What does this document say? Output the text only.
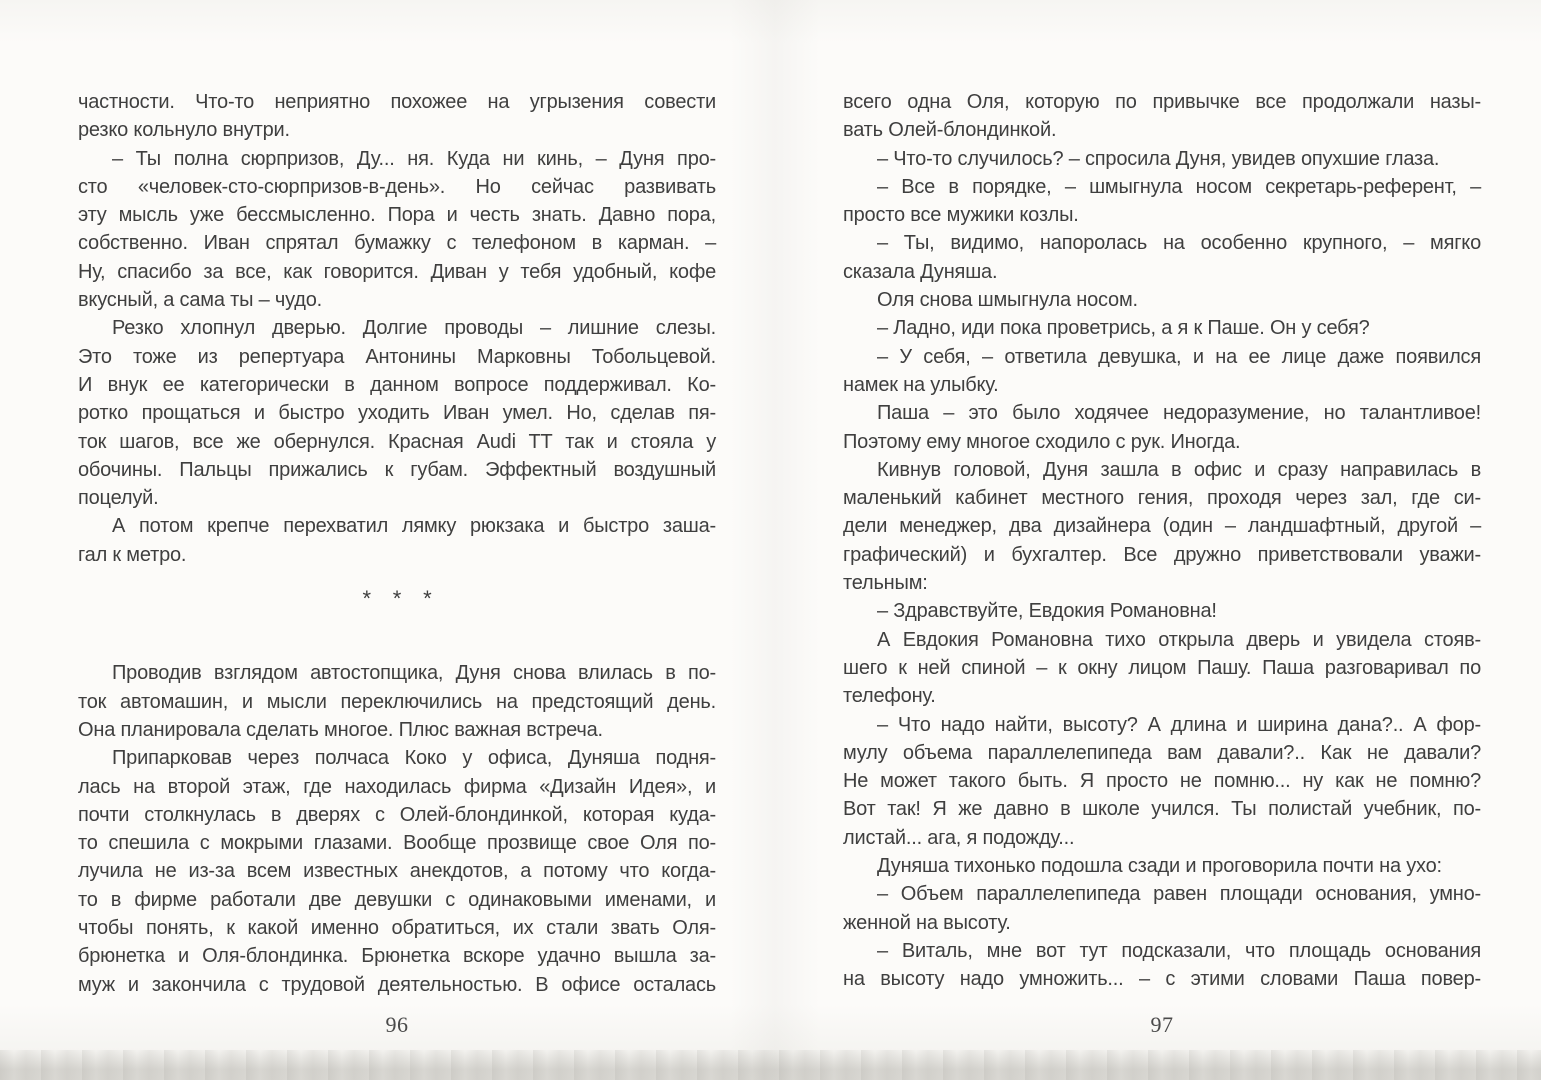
частности. Что-то неприятно похожее на угрызения совести
резко кольнуло внутри.
– Ты полна сюрпризов, Ду... ня. Куда ни кинь, – Дуня про-
сто «человек-сто-сюрпризов-в-день». Но сейчас развивать
эту мысль уже бессмысленно. Пора и честь знать. Давно пора,
собственно. Иван спрятал бумажку с телефоном в карман. –
Ну, спасибо за все, как говорится. Диван у тебя удобный, кофе
вкусный, а сама ты – чудо.
Резко хлопнул дверью. Долгие проводы – лишние слезы.
Это тоже из репертуара Антонины Марковны Тобольцевой.
И внук ее категорически в данном вопросе поддерживал. Ко-
ротко прощаться и быстро уходить Иван умел. Но, сделав пя-
ток шагов, все же обернулся. Красная Audi TT так и стояла у
обочины. Пальцы прижались к губам. Эффектный воздушный
поцелуй.
А потом крепче перехватил лямку рюкзака и быстро заша-
гал к метро.
* * *
Проводив взглядом автостопщика, Дуня снова влилась в по-
ток автомашин, и мысли переключились на предстоящий день.
Она планировала сделать многое. Плюс важная встреча.
Припарковав через полчаса Коко у офиса, Дуняша подня-
лась на второй этаж, где находилась фирма «Дизайн Идея», и
почти столкнулась в дверях с Олей-блондинкой, которая куда-
то спешила с мокрыми глазами. Вообще прозвище свое Оля по-
лучила не из-за всем известных анекдотов, а потому что когда-
то в фирме работали две девушки с одинаковыми именами, и
чтобы понять, к какой именно обратиться, их стали звать Оля-
брюнетка и Оля-блондинка. Брюнетка вскоре удачно вышла за-
муж и закончила с трудовой деятельностью. В офисе осталась
всего одна Оля, которую по привычке все продолжали назы-
вать Олей-блондинкой.
– Что-то случилось? – спросила Дуня, увидев опухшие глаза.
– Все в порядке, – шмыгнула носом секретарь-референт, –
просто все мужики козлы.
– Ты, видимо, напоролась на особенно крупного, – мягко
сказала Дуняша.
Оля снова шмыгнула носом.
– Ладно, иди пока проветрись, а я к Паше. Он у себя?
– У себя, – ответила девушка, и на ее лице даже появился
намек на улыбку.
Паша – это было ходячее недоразумение, но талантливое!
Поэтому ему многое сходило с рук. Иногда.
Кивнув головой, Дуня зашла в офис и сразу направилась в
маленький кабинет местного гения, проходя через зал, где си-
дели менеджер, два дизайнера (один – ландшафтный, другой –
графический) и бухгалтер. Все дружно приветствовали уважи-
тельным:
– Здравствуйте, Евдокия Романовна!
А Евдокия Романовна тихо открыла дверь и увидела стояв-
шего к ней спиной – к окну лицом Пашу. Паша разговаривал по
телефону.
– Что надо найти, высоту? А длина и ширина дана?.. А фор-
мулу объема параллелепипеда вам давали?.. Как не давали?
Не может такого быть. Я просто не помню... ну как не помню?
Вот так! Я же давно в школе учился. Ты полистай учебник, по-
листай... ага, я подожду...
Дуняша тихонько подошла сзади и проговорила почти на ухо:
– Объем параллелепипеда равен площади основания, умно-
женной на высоту.
– Виталь, мне вот тут подсказали, что площадь основания
на высоту надо умножить... – с этими словами Паша повер-
96	97
